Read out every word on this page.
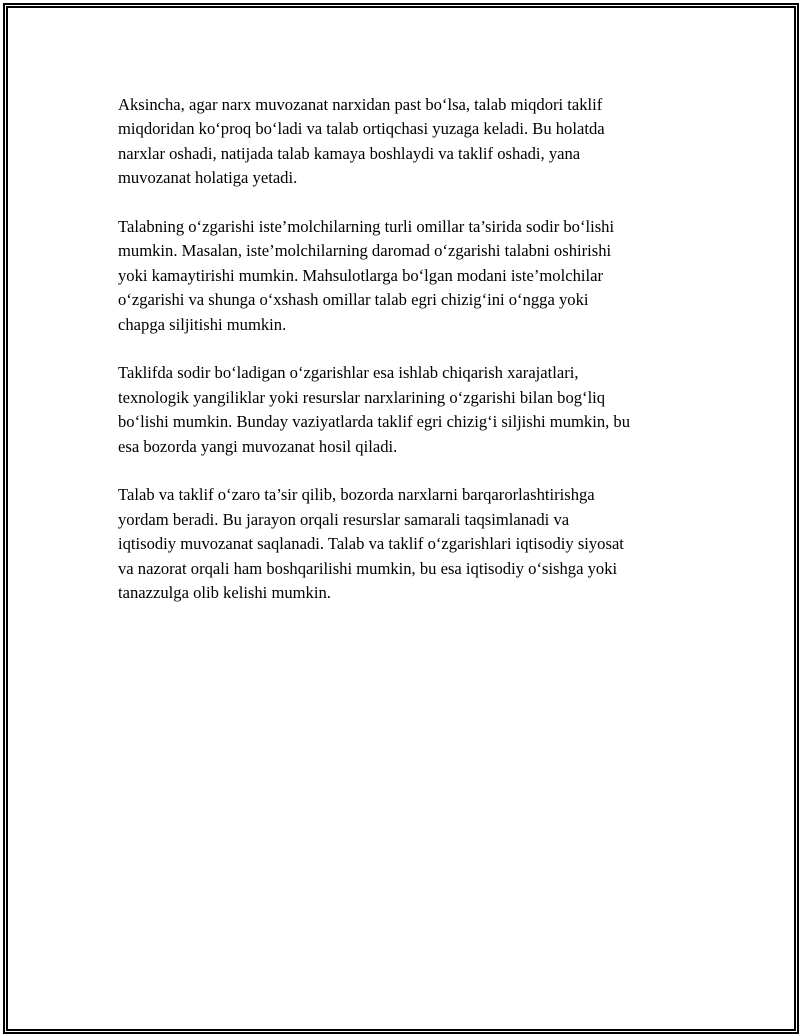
Aksincha, agar narx muvozanat narxidan past bo‘lsa, talab miqdori taklif
miqdoridan ko‘proq bo‘ladi va talab ortiqchasi yuzaga keladi. Bu holatda
narxlar oshadi, natijada talab kamaya boshlaydi va taklif oshadi, yana
muvozanat holatiga yetadi.

Talabning o‘zgarishi iste’molchilarning turli omillar ta’sirida sodir bo‘lishi
mumkin. Masalan, iste’molchilarning daromad o‘zgarishi talabni oshirishi
yoki kamaytirishi mumkin. Mahsulotlarga bo‘lgan modani iste’molchilar
o‘zgarishi va shunga o‘xshash omillar talab egri chizig‘ini o‘ngga yoki
chapga siljitishi mumkin.

Taklifda sodir bo‘ladigan o‘zgarishlar esa ishlab chiqarish xarajatlari,
texnologik yangiliklar yoki resurslar narxlarining o‘zgarishi bilan bog‘liq
bo‘lishi mumkin. Bunday vaziyatlarda taklif egri chizig‘i siljishi mumkin, bu
esa bozorda yangi muvozanat hosil qiladi.

Talab va taklif o‘zaro ta’sir qilib, bozorda narxlarni barqarorlashtirishga
yordam beradi. Bu jarayon orqali resurslar samarali taqsimlanadi va
iqtisodiy muvozanat saqlanadi. Talab va taklif o‘zgarishlari iqtisodiy siyosat
va nazorat orqali ham boshqarilishi mumkin, bu esa iqtisodiy o‘sishga yoki
tanazzulga olib kelishi mumkin.
